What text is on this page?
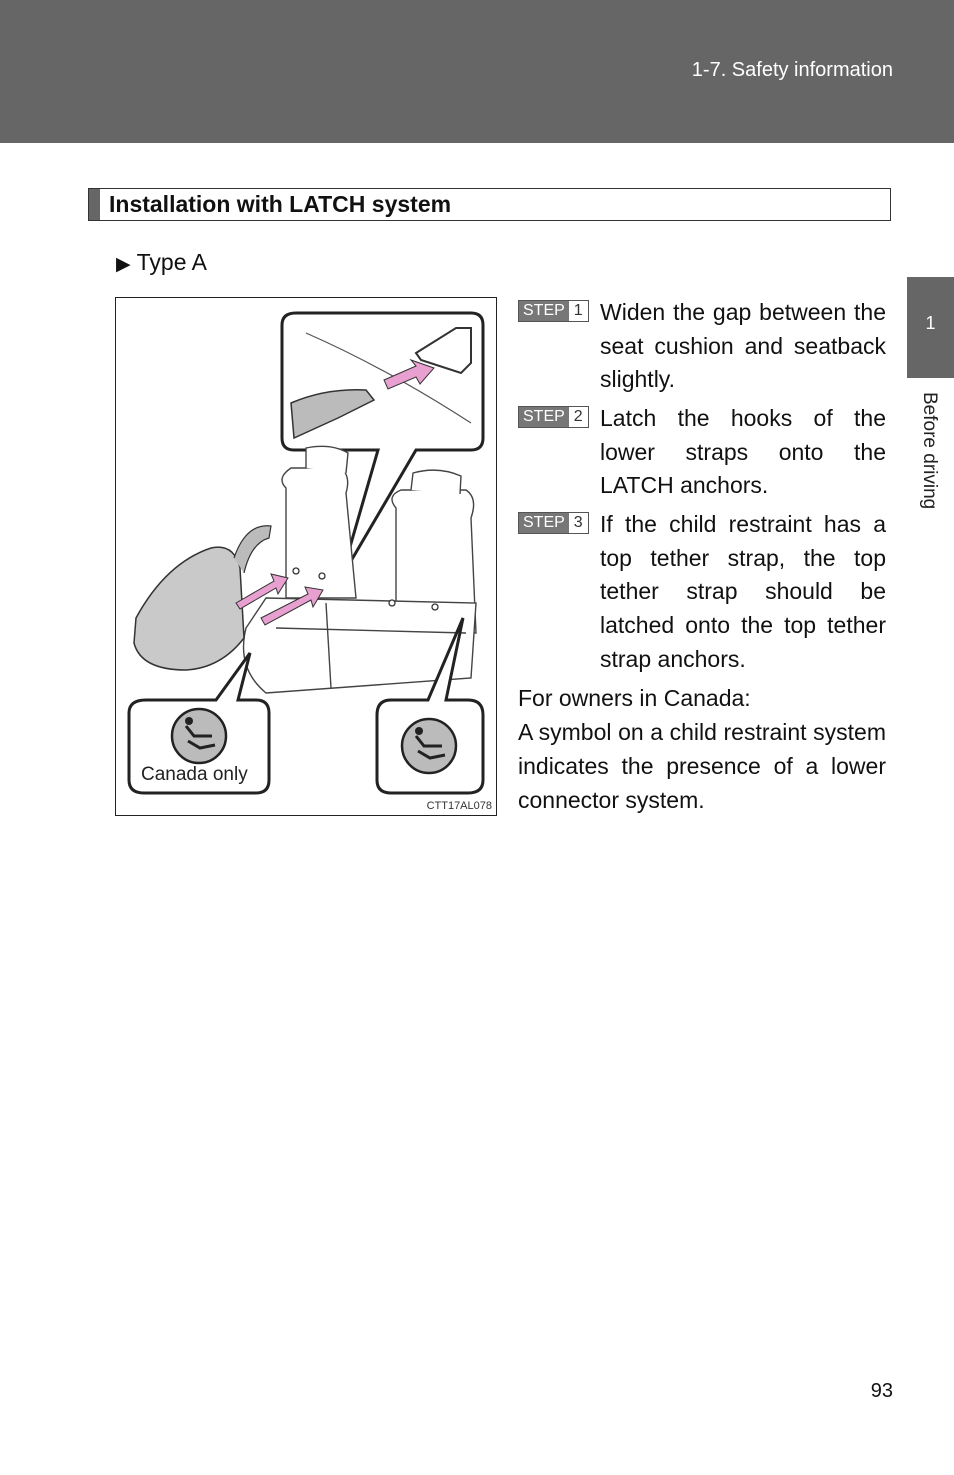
1-7. Safety information
1
Before driving
Installation with LATCH system
▶ Type A
Canada only
CTT17AL078
STEP 1 Widen the gap between the seat cushion and seatback slightly.
STEP 2 Latch the hooks of the lower straps onto the LATCH anchors.
STEP 3 If the child restraint has a top tether strap, the top tether strap should be latched onto the top tether strap anchors.
For owners in Canada:
A symbol on a child restraint system indicates the presence of a lower connector system.
93
